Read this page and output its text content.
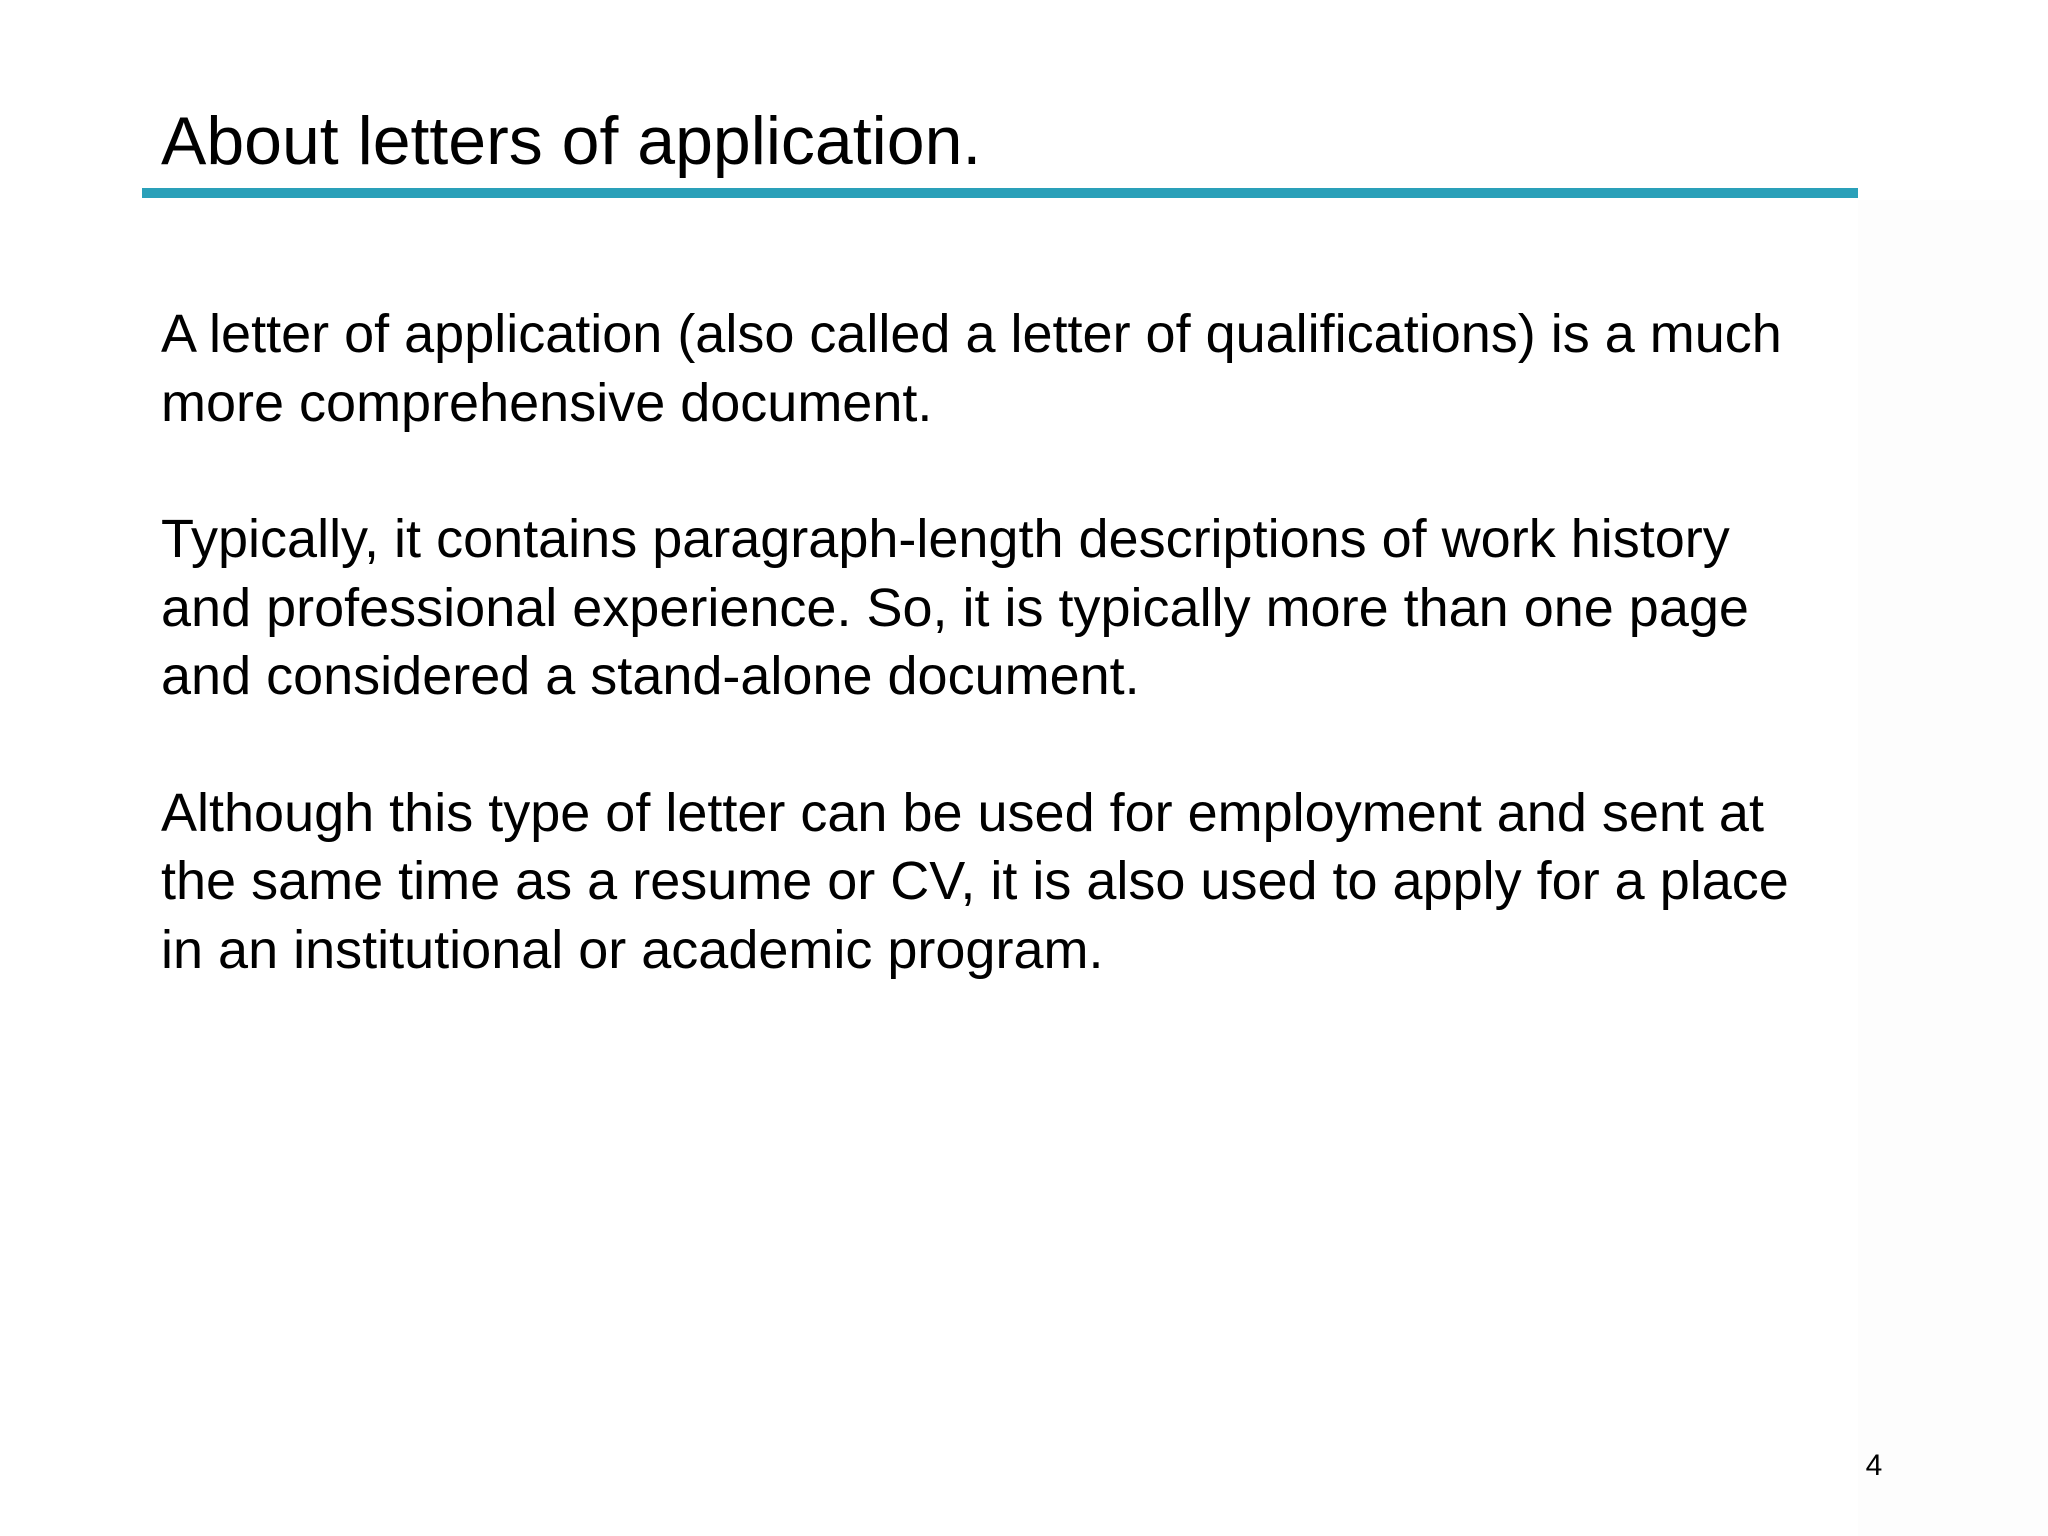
About letters of application.

A letter of application (also called a letter of qualifications) is a much
more comprehensive document.

Typically, it contains paragraph-length descriptions of work history
and professional experience. So, it is typically more than one page
and considered a stand-alone document.

Although this type of letter can be used for employment and sent at
the same time as a resume or CV, it is also used to apply for a place
in an institutional or academic program.

4
